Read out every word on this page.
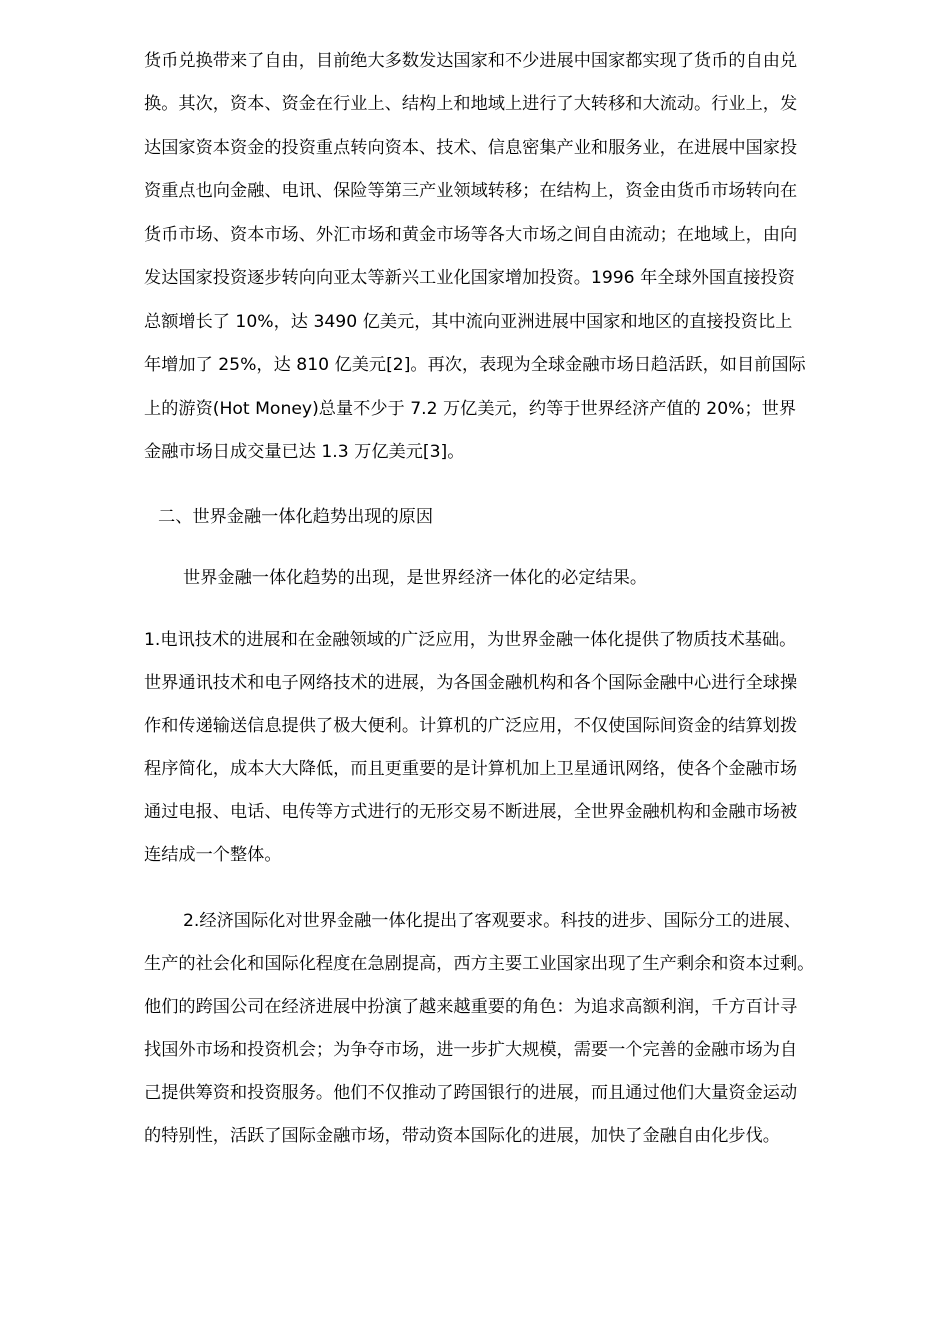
货币兑换带来了自由，目前绝大多数发达国家和不少进展中国家都实现了货币的自由兑
换。其次，资本、资金在行业上、结构上和地域上进行了大转移和大流动。行业上，发
达国家资本资金的投资重点转向资本、技术、信息密集产业和服务业，在进展中国家投
资重点也向金融、电讯、保险等第三产业领域转移；在结构上，资金由货币市场转向在
货币市场、资本市场、外汇市场和黄金市场等各大市场之间自由流动；在地域上，由向
发达国家投资逐步转向向亚太等新兴工业化国家增加投资。1996 年全球外国直接投资
总额增长了 10%，达 3490 亿美元，其中流向亚洲进展中国家和地区的直接投资比上
年增加了 25%，达 810 亿美元[2]。再次，表现为全球金融市场日趋活跃，如目前国际
上的游资(Hot Money)总量不少于 7.2 万亿美元，约等于世界经济产值的 20%；世界
金融市场日成交量已达 1.3 万亿美元[3]。
二、世界金融一体化趋势出现的原因
世界金融一体化趋势的出现，是世界经济一体化的必定结果。
1.电讯技术的进展和在金融领域的广泛应用，为世界金融一体化提供了物质技术基础。
世界通讯技术和电子网络技术的进展，为各国金融机构和各个国际金融中心进行全球操
作和传递输送信息提供了极大便利。计算机的广泛应用，不仅使国际间资金的结算划拨
程序简化，成本大大降低，而且更重要的是计算机加上卫星通讯网络，使各个金融市场
通过电报、电话、电传等方式进行的无形交易不断进展，全世界金融机构和金融市场被
连结成一个整体。
2.经济国际化对世界金融一体化提出了客观要求。科技的进步、国际分工的进展、
生产的社会化和国际化程度在急剧提高，西方主要工业国家出现了生产剩余和资本过剩。
他们的跨国公司在经济进展中扮演了越来越重要的角色：为追求高额利润，千方百计寻
找国外市场和投资机会；为争夺市场，进一步扩大规模，需要一个完善的金融市场为自
己提供筹资和投资服务。他们不仅推动了跨国银行的进展，而且通过他们大量资金运动
的特别性，活跃了国际金融市场，带动资本国际化的进展，加快了金融自由化步伐。
